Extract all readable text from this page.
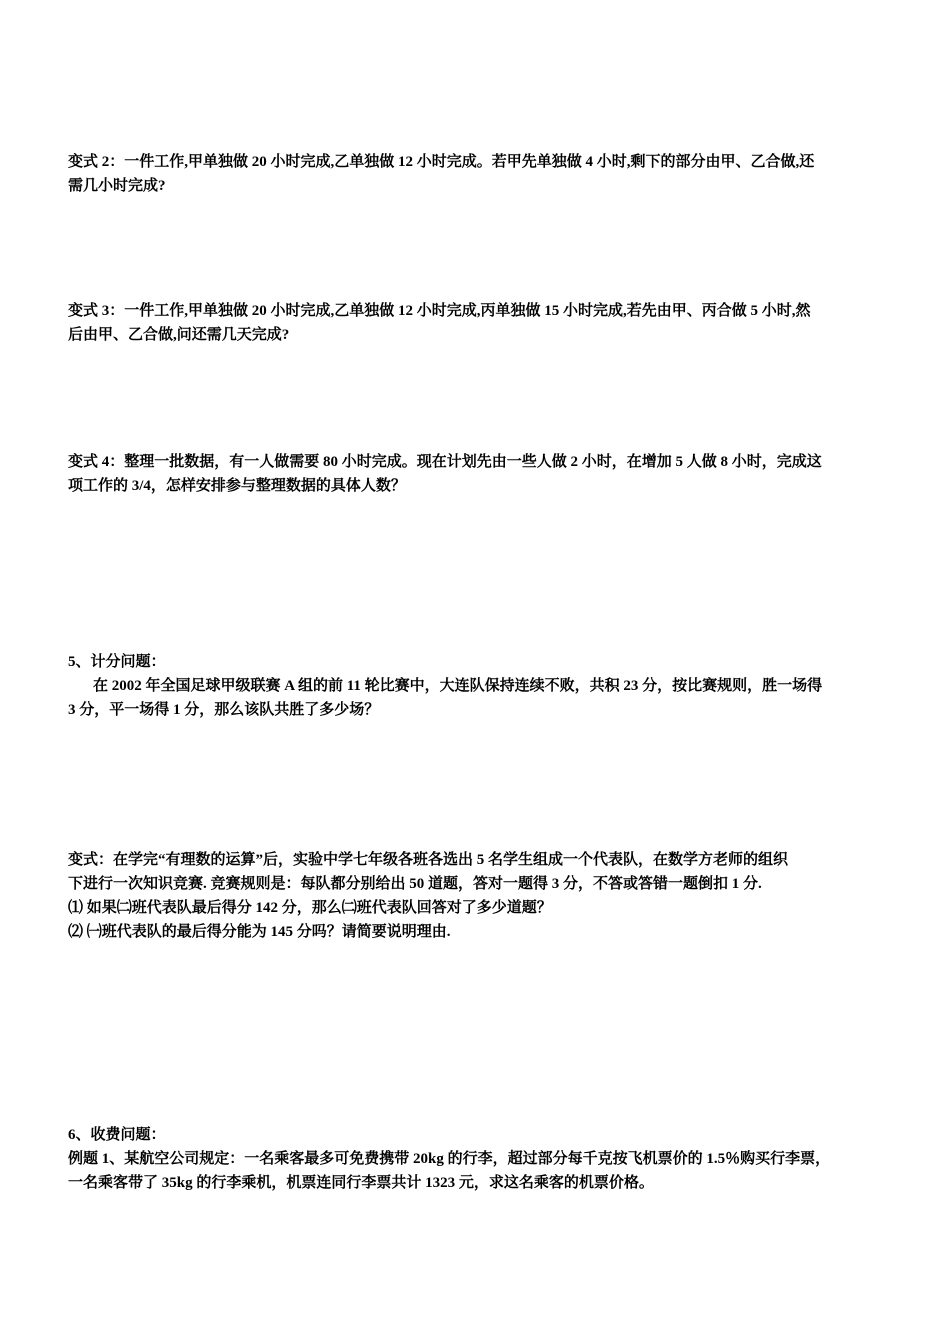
变式 2：一件工作,甲单独做 20 小时完成,乙单独做 12 小时完成。若甲先单独做 4 小时,剩下的部分由甲、乙合做,还
需几小时完成?
变式 3：一件工作,甲单独做 20 小时完成,乙单独做 12 小时完成,丙单独做 15 小时完成,若先由甲、丙合做 5 小时,然
后由甲、乙合做,问还需几天完成?
变式 4：整理一批数据，有一人做需要 80 小时完成。现在计划先由一些人做 2 小时，在增加 5 人做 8 小时，完成这
项工作的 3/4，怎样安排参与整理数据的具体人数？
5、计分问题：
在 2002 年全国足球甲级联赛 A 组的前 11 轮比赛中，大连队保持连续不败，共积 23 分，按比赛规则，胜一场得
3 分，平一场得 1 分，那么该队共胜了多少场？
变式：在学完“有理数的运算”后，实验中学七年级各班各选出 5 名学生组成一个代表队，在数学方老师的组织
下进行一次知识竞赛. 竞赛规则是：每队都分别给出 50 道题，答对一题得 3 分，不答或答错一题倒扣 1 分.
⑴ 如果㈡班代表队最后得分 142 分，那么㈡班代表队回答对了多少道题？
⑵ ㈠班代表队的最后得分能为 145 分吗？请简要说明理由.
6、收费问题：
例题 1、某航空公司规定：一名乘客最多可免费携带 20kg 的行李，超过部分每千克按飞机票价的 1.5％购买行李票，
一名乘客带了 35kg 的行李乘机，机票连同行李票共计 1323 元，求这名乘客的机票价格。
